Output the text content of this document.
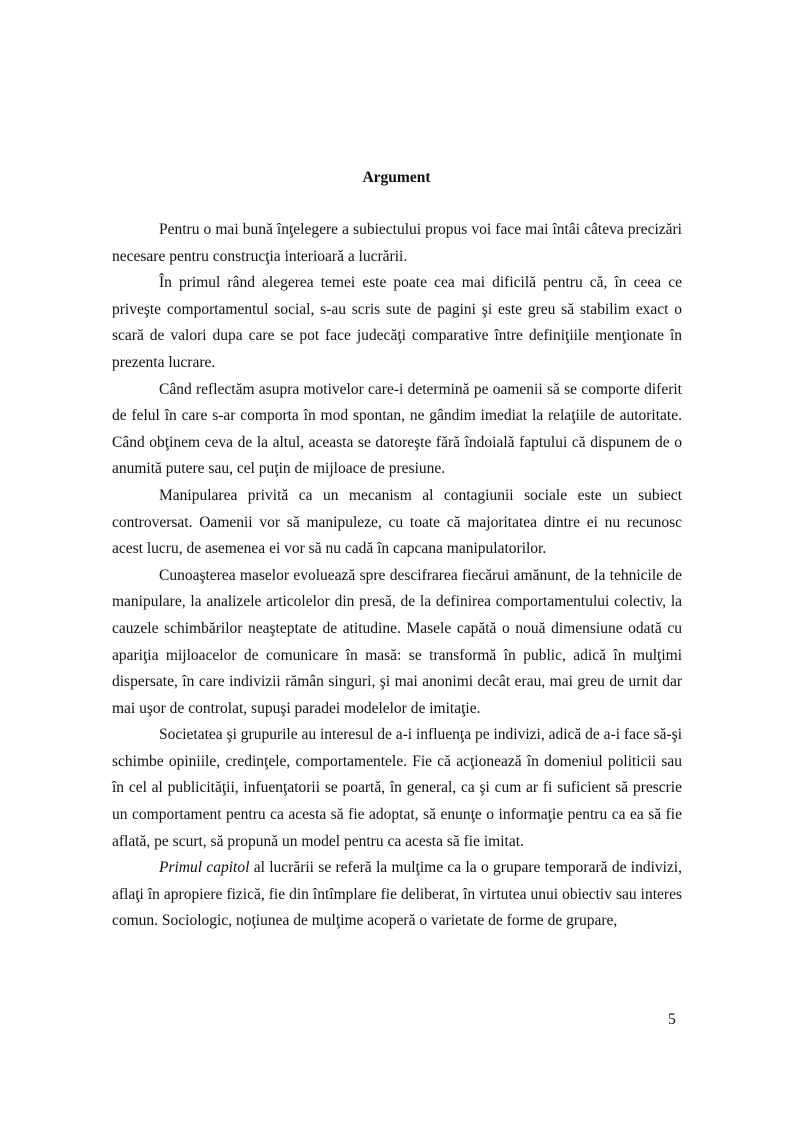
Argument

Pentru o mai bună înţelegere a subiectului propus voi face mai întâi câteva precizări necesare pentru construcţia interioară a lucrării.

În primul rând alegerea temei este poate cea mai dificilă pentru că, în ceea ce priveşte comportamentul social, s-au scris sute de pagini şi este greu să stabilim exact o scară de valori dupa care se pot face judecăţi comparative între definiţiile menţionate în prezenta lucrare.

Când reflectăm asupra motivelor care-i determină pe oamenii să se comporte diferit de felul în care s-ar comporta în mod spontan, ne gândim imediat la relaţiile de autoritate. Când obţinem ceva de la altul, aceasta se datoreşte fără îndoială faptului că dispunem de o anumită putere sau, cel puţin de mijloace de presiune.

Manipularea privită ca un mecanism al contagiunii sociale este un subiect controversat. Oamenii vor să manipuleze, cu toate că majoritatea dintre ei nu recunosc acest lucru, de asemenea ei vor să nu cadă în capcana manipulatorilor.

Cunoaşterea maselor evoluează spre descifrarea fiecărui amănunt, de la tehnicile de manipulare, la analizele articolelor din presă, de la definirea comportamentului colectiv, la cauzele schimbărilor neaşteptate de atitudine. Masele capătă o nouă dimensiune odată cu apariţia mijloacelor de comunicare în masă: se transformă în public, adică în mulţimi dispersate, în care indivizii rămân singuri, şi mai anonimi decât erau, mai greu de urnit dar mai uşor de controlat, supuşi paradei modelelor de imitaţie.

Societatea şi grupurile au interesul de a-i influenţa pe indivizi, adică de a-i face să-şi schimbe opiniile, credinţele, comportamentele. Fie că acţionează în domeniul politicii sau în cel al publicităţii, infuenţatorii se poartă, în general, ca şi cum ar fi suficient să prescrie un comportament pentru ca acesta să fie adoptat, să enunţe o informaţie pentru ca ea să fie aflată, pe scurt, să propună un model pentru ca acesta să fie imitat.

Primul capitol al lucrării se referă la mulţime ca la o grupare temporară de indivizi, aflaţi în apropiere fizică, fie din întîmplare fie deliberat, în virtutea unui obiectiv sau interes comun. Sociologic, noţiunea de mulţime acoperă o varietate de forme de grupare,

5
